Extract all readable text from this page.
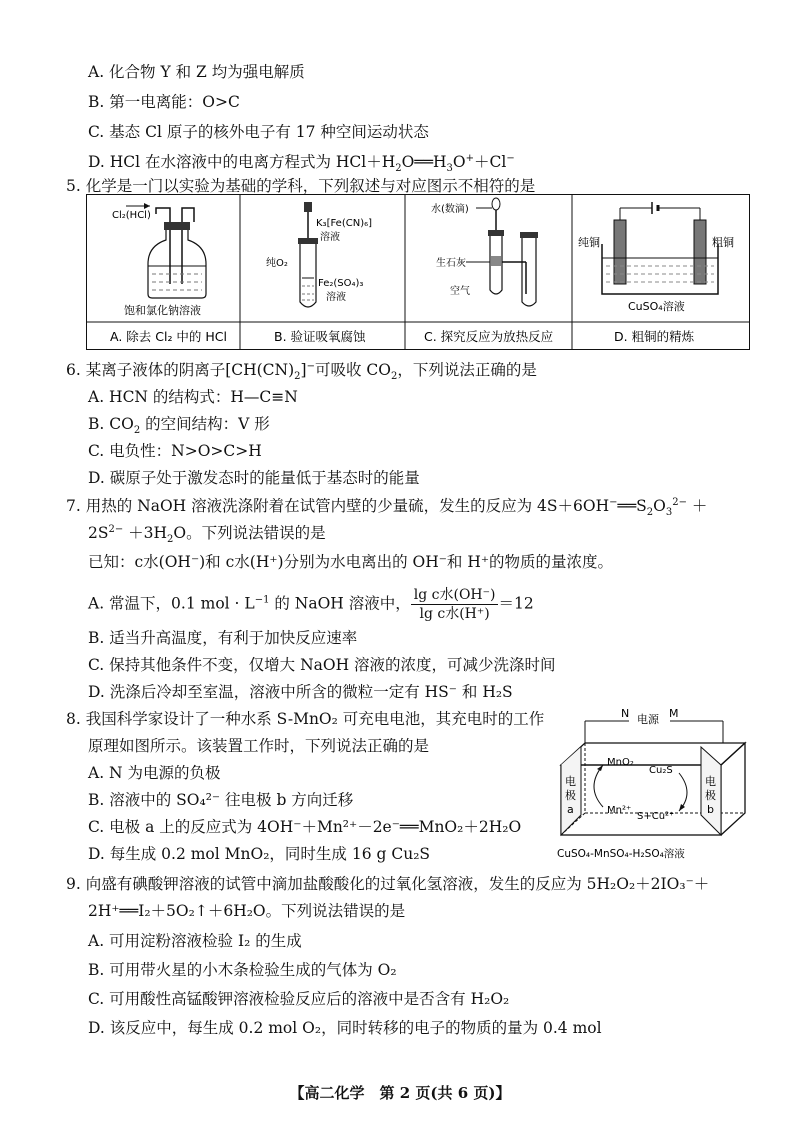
A. 化合物 Y 和 Z 均为强电解质
B. 第一电离能：O>C
C. 基态 Cl 原子的核外电子有 17 种空间运动状态
D. HCl 在水溶液中的电离方程式为 $HCl+H_2O══H_3O^++Cl^-$
5. 化学是一门以实验为基础的学科，下列叙述与对应图示不相符的是
Cl₂(HCl)
饱和氯化钠溶液
K₃[Fe(CN)₆]
溶液
纯O₂
Fe₂(SO₄)₃
溶液
水(数滴)
生石灰
空气
纯铜	粗铜
CuSO₄溶液
A. 除去 Cl₂ 中的 HCl	B. 验证吸氧腐蚀	C. 探究反应为放热反应	D. 粗铜的精炼
6. 某离子液体的阴离子$[CH(CN)_2]^-$可吸收 $CO_2$，下列说法正确的是
A. HCN 的结构式：H—C≡N
B. $CO_2$ 的空间结构：V 形
C. 电负性：N>O>C>H
D. 碳原子处于激发态时的能量低于基态时的能量
7. 用热的 NaOH 溶液洗涤附着在试管内壁的少量硫，发生的反应为 $4S+6OH^-══S_2O_3^{2-}$ ＋
$2S^{2-} +3H_2O$。下列说法错误的是
已知：c水(OH⁻)和 c水(H⁺)分别为水电离出的 OH⁻和 H⁺的物质的量浓度。
A. 常温下，0.1 mol · $L^{-1}$ 的 NaOH 溶液中， $\frac{\text{lg c水(OH⁻)}}{\text{lg c水(H⁺)}} =12$
B. 适当升高温度，有利于加快反应速率
C. 保持其他条件不变，仅增大 NaOH 溶液的浓度，可减少洗涤时间
D. 洗涤后冷却至室温，溶液中所含的微粒一定有 HS⁻ 和 H₂S
8. 我国科学家设计了一种水系 S-MnO₂ 可充电电池，其充电时的工作
原理如图所示。该装置工作时，下列说法正确的是
A. N 为电源的负极
B. 溶液中的 SO₄²⁻ 往电极 b 方向迁移
C. 电极 a 上的反应式为 4OH⁻＋Mn²⁺－2e⁻══MnO₂＋2H₂O
D. 每生成 0.2 mol MnO₂，同时生成 16 g Cu₂S
N 电源 M
电
极
a
电
极
b
MnO₂
Mn²⁺
Cu₂S
S+Cu²⁺
CuSO₄-MnSO₄-H₂SO₄溶液
9. 向盛有碘酸钾溶液的试管中滴加盐酸酸化的过氧化氢溶液，发生的反应为 5H₂O₂＋2IO₃⁻＋
2H⁺══I₂＋5O₂↑＋6H₂O。下列说法错误的是
A. 可用淀粉溶液检验 I₂ 的生成
B. 可用带火星的小木条检验生成的气体为 O₂
C. 可用酸性高锰酸钾溶液检验反应后的溶液中是否含有 H₂O₂
D. 该反应中，每生成 0.2 mol O₂，同时转移的电子的物质的量为 0.4 mol
【高二化学　第 2 页(共 6 页)】
